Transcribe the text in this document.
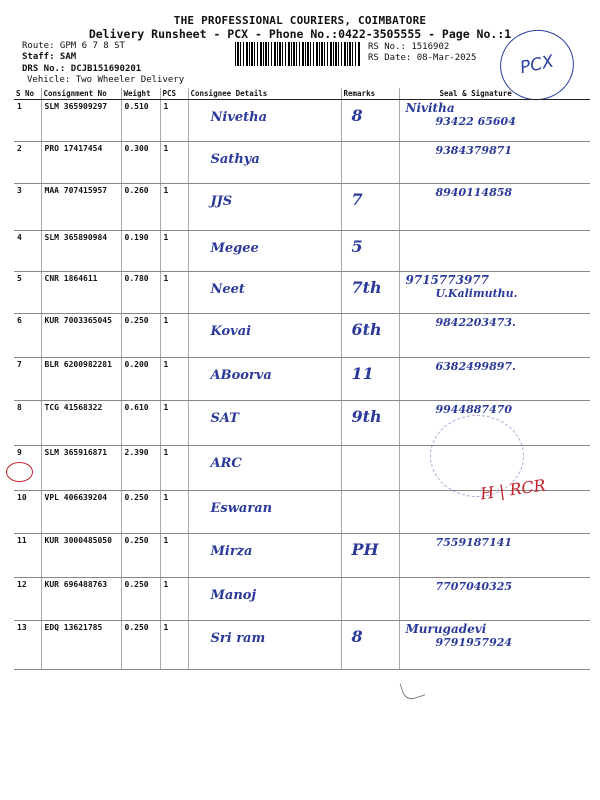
THE PROFESSIONAL COURIERS, COIMBATORE
Delivery Runsheet - PCX - Phone No.:0422-3505555 - Page No.:1
Route: GPM 6 7 8 ST
Staff: SAM
DRS No.: DCJB151690201
Vehicle: Two Wheeler Delivery
RS No.: 1516902
RS Date: 08-Mar-2025 PCX
S No	Consignment No	Weight	PCS	Consignee Details	Remarks	Seal & Signature
1	SLM 365909297	0.510	1	Nivetha	8	Nivitha
93422 65604

2	PRO 17417454	0.300	1	Sathya		9384379871

3	MAA 707415957	0.260	1	JJS	7	8940114858

4	SLM 365890984	0.190	1	Megee	5	

5	CNR 1864611	0.780	1	Neet	7th	9715773977
U.Kalimuthu.

6	KUR 7003365045	0.250	1	Kovai	6th	9842203473.

7	BLR 6200982281	0.200	1	ABoorva	11	6382499897.

8	TCG 41568322	0.610	1	SAT	9th	9944887470

9	SLM 365916871	2.390	1	ARC		

10	VPL 406639204	0.250	1	Eswaran		

11	KUR 3000485050	0.250	1	Mirza	PH	7559187141

12	KUR 696488763	0.250	1	Manoj		7707040325

13	EDQ 13621785	0.250	1	Sri ram	8	Murugadevi
9791957924
H | RCR
